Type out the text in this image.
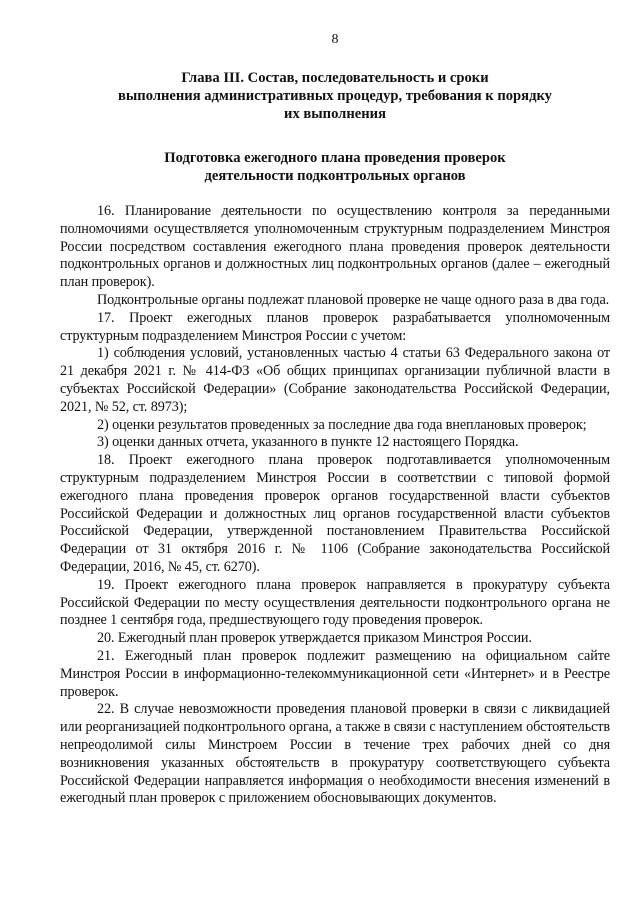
8
Глава III. Состав, последовательность и сроки
выполнения административных процедур, требования к порядку
их выполнения
Подготовка ежегодного плана проведения проверок
деятельности подконтрольных органов

16. Планирование деятельности по осуществлению контроля за переданными полномочиями осуществляется уполномоченным структурным подразделением Минстроя России посредством составления ежегодного плана проведения проверок деятельности подконтрольных органов и должностных лиц подконтрольных органов (далее – ежегодный план проверок).

Подконтрольные органы подлежат плановой проверке не чаще одного раза в два года.

17. Проект ежегодных планов проверок разрабатывается уполномоченным структурным подразделением Минстроя России с учетом:

1) соблюдения условий, установленных частью 4 статьи 63 Федерального закона от 21 декабря 2021 г. № 414-ФЗ «Об общих принципах организации публичной власти в субъектах Российской Федерации» (Собрание законодательства Российской Федерации, 2021, № 52, ст. 8973);

2) оценки результатов проведенных за последние два года внеплановых проверок;

3) оценки данных отчета, указанного в пункте 12 настоящего Порядка.

18. Проект ежегодного плана проверок подготавливается уполномоченным структурным подразделением Минстроя России в соответствии с типовой формой ежегодного плана проведения проверок органов государственной власти субъектов Российской Федерации и должностных лиц органов государственной власти субъектов Российской Федерации, утвержденной постановлением Правительства Российской Федерации от 31 октября 2016 г. № 1106 (Собрание законодательства Российской Федерации, 2016, № 45, ст. 6270).

19. Проект ежегодного плана проверок направляется в прокуратуру субъекта Российской Федерации по месту осуществления деятельности подконтрольного органа не позднее 1 сентября года, предшествующего году проведения проверок.

20. Ежегодный план проверок утверждается приказом Минстроя России.

21. Ежегодный план проверок подлежит размещению на официальном сайте Минстроя России в информационно-телекоммуникационной сети «Интернет» и в Реестре проверок.

22. В случае невозможности проведения плановой проверки в связи с ликвидацией или реорганизацией подконтрольного органа, а также в связи с наступлением обстоятельств непреодолимой силы Минстроем России в течение трех рабочих дней со дня возникновения указанных обстоятельств в прокуратуру соответствующего субъекта Российской Федерации направляется информация о необходимости внесения изменений в ежегодный план проверок с приложением обосновывающих документов.
